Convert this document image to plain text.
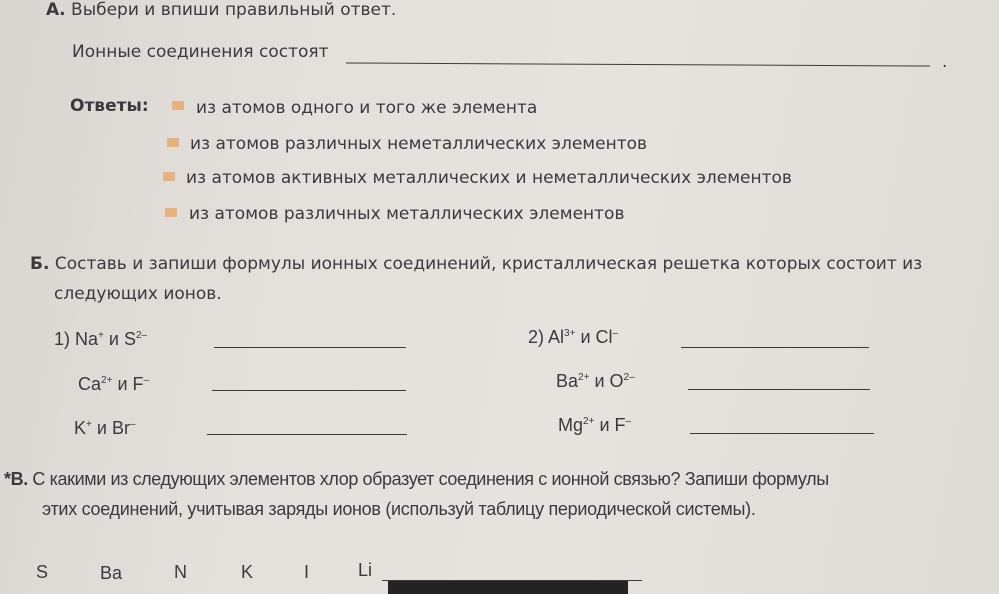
А. Выбери и впиши правильный ответ.
Ионные соединения состоят	.
Ответы:	из атомов одного и того же элемента
из атомов различных неметаллических элементов
из атомов активных металлических и неметаллических элементов
из атомов различных металлических элементов
Б. Составь и запиши формулы ионных соединений, кристаллическая решетка которых состоит из
следующих ионов.
1) Na+ и $S^{2-}$
$Ca^{2+}$ и F–
K+ и Br–
2) $Al^{3+}$ и Cl–
$Ba^{2+}$ и $O^{2-}$
$Mg^{2+}$ и F–
*В. С какими из следующих элементов хлор образует соединения с ионной связью? Запиши формулы
этих соединений, учитывая заряды ионов (используй таблицу периодической системы).
S	Ba	N	K	I	Li
